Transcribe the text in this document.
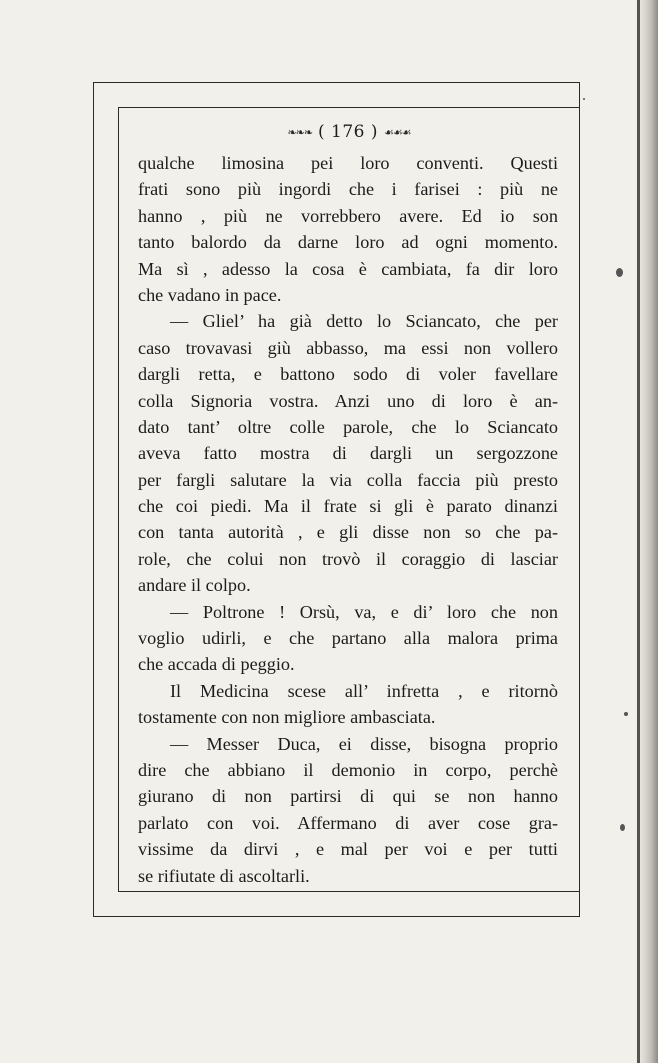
❧❧❧ ( 176 ) ☙☙☙
qualche limosina pei loro conventi. Questi
frati sono più ingordi che i farisei : più ne
hanno , più ne vorrebbero avere. Ed io son
tanto balordo da darne loro ad ogni momento.
Ma sì , adesso la cosa è cambiata, fa dir loro
che vadano in pace.
— Gliel’ ha già detto lo Sciancato, che per
caso trovavasi giù abbasso, ma essi non vollero
dargli retta, e battono sodo di voler favellare
colla Signoria vostra. Anzi uno di loro è an-
dato tant’ oltre colle parole, che lo Sciancato
aveva fatto mostra di dargli un sergozzone
per fargli salutare la via colla faccia più presto
che coi piedi. Ma il frate si gli è parato dinanzi
con tanta autorità , e gli disse non so che pa-
role, che colui non trovò il coraggio di lasciar
andare il colpo.
— Poltrone ! Orsù, va, e di’ loro che non
voglio udirli, e che partano alla malora prima
che accada di peggio.
Il Medicina scese all’ infretta , e ritornò
tostamente con non migliore ambasciata.
— Messer Duca, ei disse, bisogna proprio
dire che abbiano il demonio in corpo, perchè
giurano di non partirsi di qui se non hanno
parlato con voi. Affermano di aver cose gra-
vissime da dirvi , e mal per voi e per tutti
se rifiutate di ascoltarli.
